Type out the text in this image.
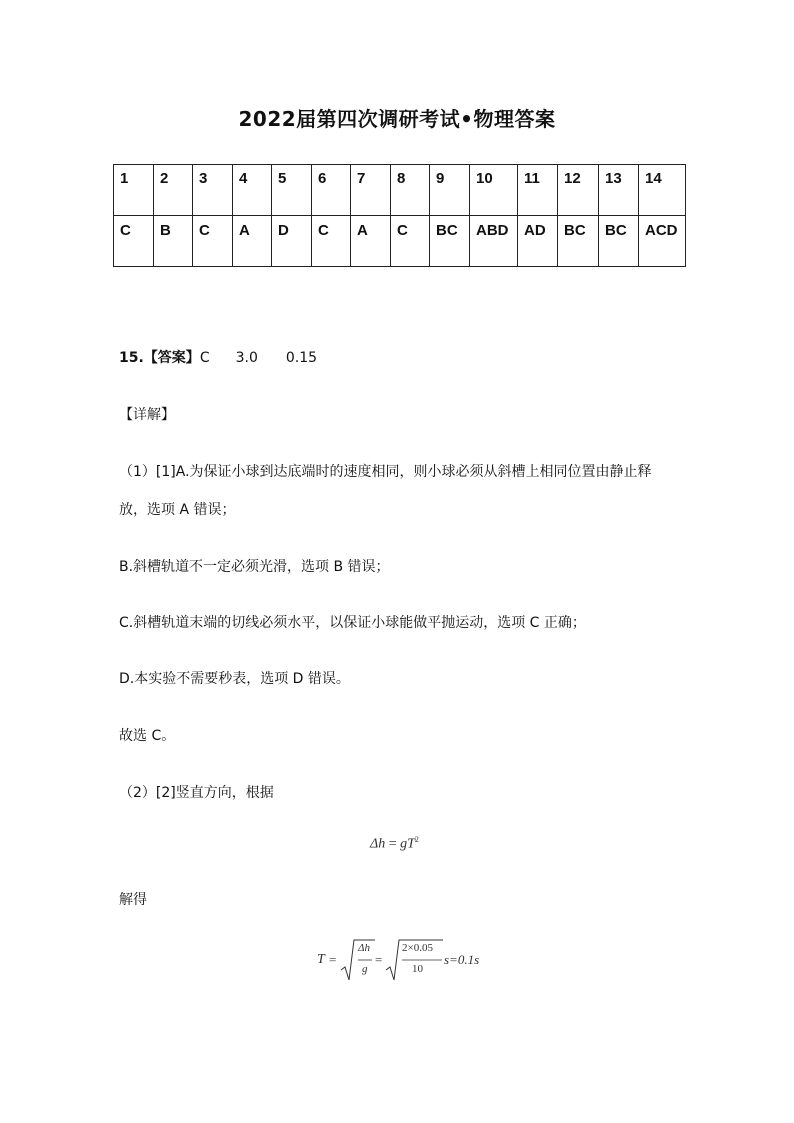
2022届第四次调研考试•物理答案
1	2	3	4	5	6	7	8	9	10	11	12	13	14
C	B	C	A	D	C	A	C	BC	ABD	AD	BC	BC	ACD
15.【答案】C 3.0 0.15
【详解】
（1）[1]A.为保证小球到达底端时的速度相同，则小球必须从斜槽上相同位置由静止释
放，选项 A 错误；
B.斜槽轨道不一定必须光滑，选项 B 错误；
C.斜槽轨道末端的切线必须水平，以保证小球能做平抛运动，选项 C 正确；
D.本实验不需要秒表，选项 D 错误。
故选 C。
（2）[2]竖直方向，根据
$\Delta h = gT^2$
解得
T =
Δh
g
=
2×0.05
10
s=0.1s
